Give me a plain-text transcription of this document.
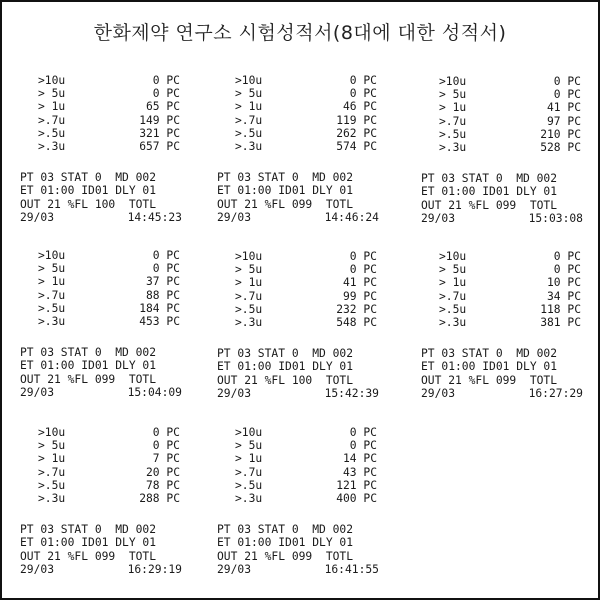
한화제약 연구소 시험성적서(8대에 대한 성적서)
>10u	0 PC
> 5u	0 PC
> 1u	65 PC
>.7u	149 PC
>.5u	321 PC
>.3u	657 PC
PT 03 STAT 0  MD 002
ET 01:00 ID01 DLY 01
OUT 21 %FL 100  TOTL
29/03	14:45:23
>10u	0 PC
> 5u	0 PC
> 1u	46 PC
>.7u	119 PC
>.5u	262 PC
>.3u	574 PC
PT 03 STAT 0  MD 002
ET 01:00 ID01 DLY 01
OUT 21 %FL 099  TOTL
29/03	14:46:24
>10u	0 PC
> 5u	0 PC
> 1u	41 PC
>.7u	97 PC
>.5u	210 PC
>.3u	528 PC
PT 03 STAT 0  MD 002
ET 01:00 ID01 DLY 01
OUT 21 %FL 099  TOTL
29/03	15:03:08
>10u	0 PC
> 5u	0 PC
> 1u	37 PC
>.7u	88 PC
>.5u	184 PC
>.3u	453 PC
PT 03 STAT 0  MD 002
ET 01:00 ID01 DLY 01
OUT 21 %FL 099  TOTL
29/03	15:04:09
>10u	0 PC
> 5u	0 PC
> 1u	41 PC
>.7u	99 PC
>.5u	232 PC
>.3u	548 PC
PT 03 STAT 0  MD 002
ET 01:00 ID01 DLY 01
OUT 21 %FL 100  TOTL
29/03	15:42:39
>10u	0 PC
> 5u	0 PC
> 1u	10 PC
>.7u	34 PC
>.5u	118 PC
>.3u	381 PC
PT 03 STAT 0  MD 002
ET 01:00 ID01 DLY 01
OUT 21 %FL 099  TOTL
29/03	16:27:29
>10u	0 PC
> 5u	0 PC
> 1u	7 PC
>.7u	20 PC
>.5u	78 PC
>.3u	288 PC
PT 03 STAT 0  MD 002
ET 01:00 ID01 DLY 01
OUT 21 %FL 099  TOTL
29/03	16:29:19
>10u	0 PC
> 5u	0 PC
> 1u	14 PC
>.7u	43 PC
>.5u	121 PC
>.3u	400 PC
PT 03 STAT 0  MD 002
ET 01:00 ID01 DLY 01
OUT 21 %FL 099  TOTL
29/03	16:41:55
